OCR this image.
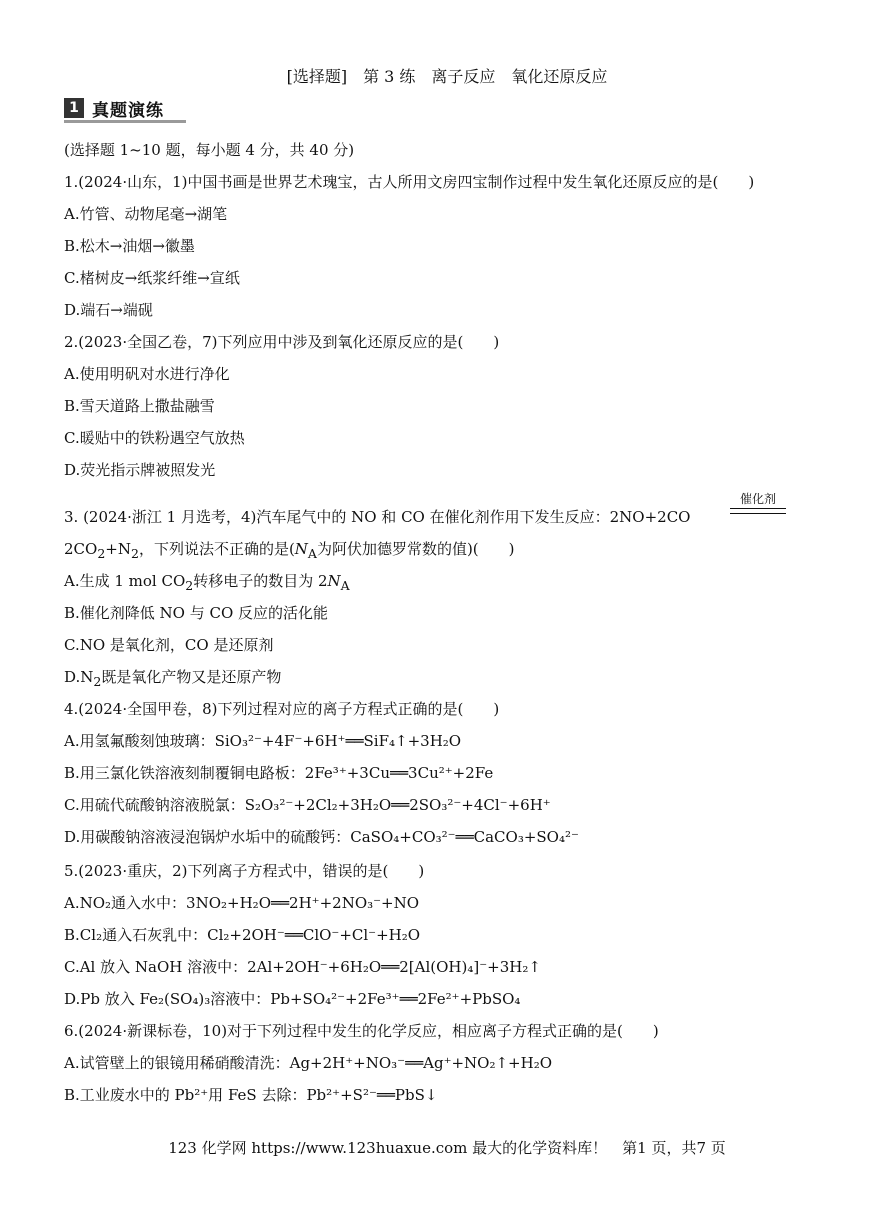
[选择题]　第 3 练　离子反应　氧化还原反应
1 真题演练
(选择题 1~10 题，每小题 4 分，共 40 分)
1.(2024·山东，1)中国书画是世界艺术瑰宝，古人所用文房四宝制作过程中发生氧化还原反应的是(　　)
A.竹管、动物尾毫→湖笔
B.松木→油烟→徽墨
C.楮树皮→纸浆纤维→宣纸
D.端石→端砚
2.(2023·全国乙卷，7)下列应用中涉及到氧化还原反应的是(　　)
A.使用明矾对水进行净化
B.雪天道路上撒盐融雪
C.暖贴中的铁粉遇空气放热
D.荧光指示牌被照发光
3. (2024·浙江 1 月选考，4)汽车尾气中的 NO 和 CO 在催化剂作用下发生反应：2NO+2CO
催化剂
$2CO_2+N_2$，下列说法不正确的是($N_A$为阿伏加德罗常数的值)(　　)
A.生成 1 mol $CO_2$转移电子的数目为 $2N_A$
B.催化剂降低 NO 与 CO 反应的活化能
C.NO 是氧化剂，CO 是还原剂
$D.N_2$既是氧化产物又是还原产物
4.(2024·全国甲卷，8)下列过程对应的离子方程式正确的是(　　)
A.用氢氟酸刻蚀玻璃：SiO₃²⁻+4F⁻+6H⁺══SiF₄↑+3H₂O
B.用三氯化铁溶液刻制覆铜电路板：2Fe³⁺+3Cu══3Cu²⁺+2Fe
C.用硫代硫酸钠溶液脱氯：S₂O₃²⁻+2Cl₂+3H₂O══2SO₃²⁻+4Cl⁻+6H⁺
D.用碳酸钠溶液浸泡锅炉水垢中的硫酸钙：CaSO₄+CO₃²⁻══CaCO₃+SO₄²⁻
5.(2023·重庆，2)下列离子方程式中，错误的是(　　)
A.NO₂通入水中：3NO₂+H₂O══2H⁺+2NO₃⁻+NO
B.Cl₂通入石灰乳中：Cl₂+2OH⁻══ClO⁻+Cl⁻+H₂O
C.Al 放入 NaOH 溶液中：2Al+2OH⁻+6H₂O══2[Al(OH)₄]⁻+3H₂↑
D.Pb 放入 Fe₂(SO₄)₃溶液中：Pb+SO₄²⁻+2Fe³⁺══2Fe²⁺+PbSO₄
6.(2024·新课标卷，10)对于下列过程中发生的化学反应，相应离子方程式正确的是(　　)
A.试管壁上的银镜用稀硝酸清洗：Ag+2H⁺+NO₃⁻══Ag⁺+NO₂↑+H₂O
B.工业废水中的 Pb²⁺用 FeS 去除：Pb²⁺+S²⁻══PbS↓
123 化学网 https://www.123huaxue.com 最大的化学资料库！　第1 页，共7 页
